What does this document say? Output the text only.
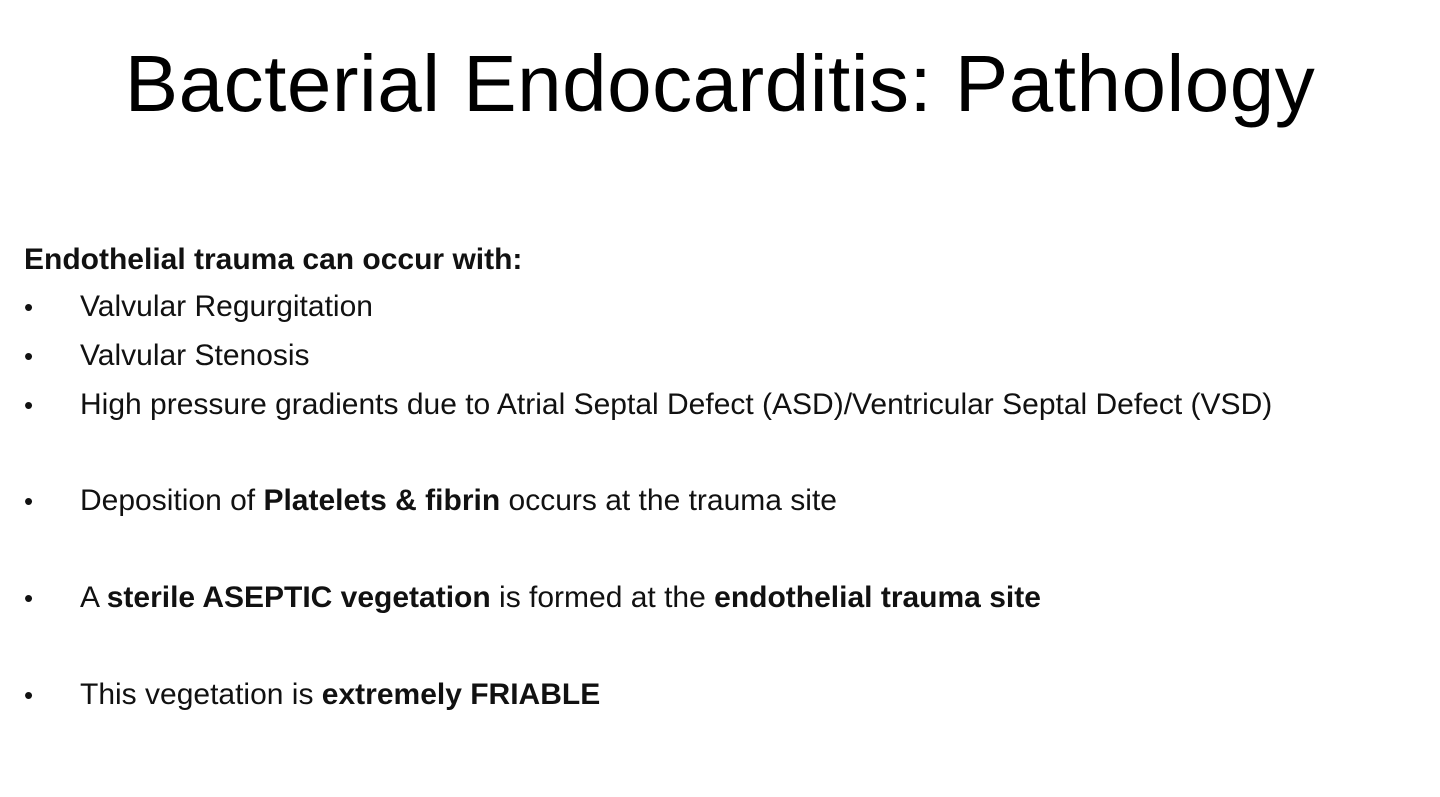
Bacterial Endocarditis: Pathology
Endothelial trauma can occur with:
•	Valvular Regurgitation
•	Valvular Stenosis
•	High pressure gradients due to Atrial Septal Defect (ASD)/Ventricular Septal Defect (VSD)
•	Deposition of Platelets & fibrin occurs at the trauma site
•	A sterile ASEPTIC vegetation is formed at the endothelial trauma site
•	This vegetation is extremely FRIABLE
